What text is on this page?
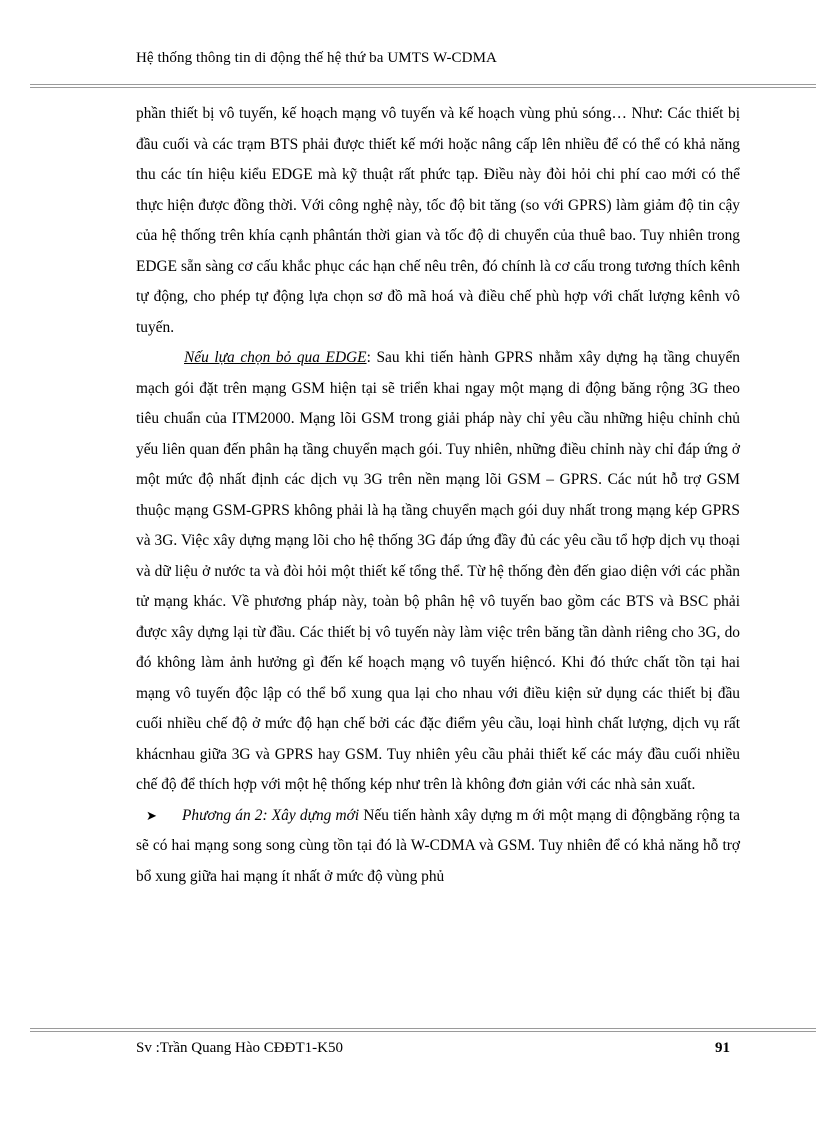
Hệ thống thông tin di động thế hệ thứ ba UMTS W-CDMA

phần thiết bị vô tuyến, kế hoạch mạng vô tuyến và kế hoạch vùng phủ sóng… Như: Các thiết bị đầu cuối và các trạm BTS phải được thiết kế mới hoặc nâng cấp lên nhiều để có thể có khả năng thu các tín hiệu kiểu EDGE mà kỹ thuật rất phức tạp. Điều này đòi hỏi chi phí cao mới có thể thực hiện được đồng thời. Với công nghệ này, tốc độ bit tăng (so với GPRS) làm giảm độ tin cậy của hệ thống trên khía cạnh phântán thời gian và tốc độ di chuyển của thuê bao. Tuy nhiên trong EDGE sẵn sàng cơ cấu khắc phục các hạn chế nêu trên, đó chính là cơ cấu trong tương thích kênh tự động, cho phép tự động lựa chọn sơ đồ mã hoá và điều chế phù hợp với chất lượng kênh vô tuyến.

Nếu lựa chọn bỏ qua EDGE: Sau khi tiến hành GPRS nhằm xây dựng hạ tầng chuyển mạch gói đặt trên mạng GSM hiện tại sẽ triển khai ngay một mạng di động băng rộng 3G theo tiêu chuẩn của ITM2000. Mạng lõi GSM trong giải pháp này chỉ yêu cầu những hiệu chỉnh chủ yếu liên quan đến phân hạ tầng chuyển mạch gói. Tuy nhiên, những điều chỉnh này chỉ đáp ứng ở một mức độ nhất định các dịch vụ 3G trên nền mạng lõi GSM – GPRS. Các nút hỗ trợ GSM thuộc mạng GSM-GPRS không phải là hạ tầng chuyển mạch gói duy nhất trong mạng kép GPRS và 3G. Việc xây dựng mạng lõi cho hệ thống 3G đáp ứng đầy đủ các yêu cầu tổ hợp dịch vụ thoại và dữ liệu ở nước ta và đòi hỏi một thiết kế tổng thể. Từ hệ thống đèn đến giao diện với các phần tử mạng khác. Về phương pháp này, toàn bộ phân hệ vô tuyến bao gồm các BTS và BSC phải được xây dựng lại từ đầu. Các thiết bị vô tuyến này làm việc trên băng tần dành riêng cho 3G, do đó không làm ảnh hưởng gì đến kế hoạch mạng vô tuyến hiệncó. Khi đó thức chất tồn tại hai mạng vô tuyến độc lập có thể bổ xung qua lại cho nhau với điều kiện sử dụng các thiết bị đầu cuối nhiều chế độ ở mức độ hạn chế bởi các đặc điểm yêu cầu, loại hình chất lượng, dịch vụ rất khácnhau giữa 3G và GPRS hay GSM. Tuy nhiên yêu cầu phải thiết kế các máy đầu cuối nhiều chế độ để thích hợp với một hệ thống kép như trên là không đơn giản với các nhà sản xuất.

➤ Phương án 2: Xây dựng mới Nếu tiến hành xây dựng m ới một mạng di độngbăng rộng ta sẽ có hai mạng song song cùng tồn tại đó là W-CDMA và GSM. Tuy nhiên để có khả năng hỗ trợ bổ xung giữa hai mạng ít nhất ở mức độ vùng phủ

Sv :Trần Quang Hào CĐĐT1-K50	91
